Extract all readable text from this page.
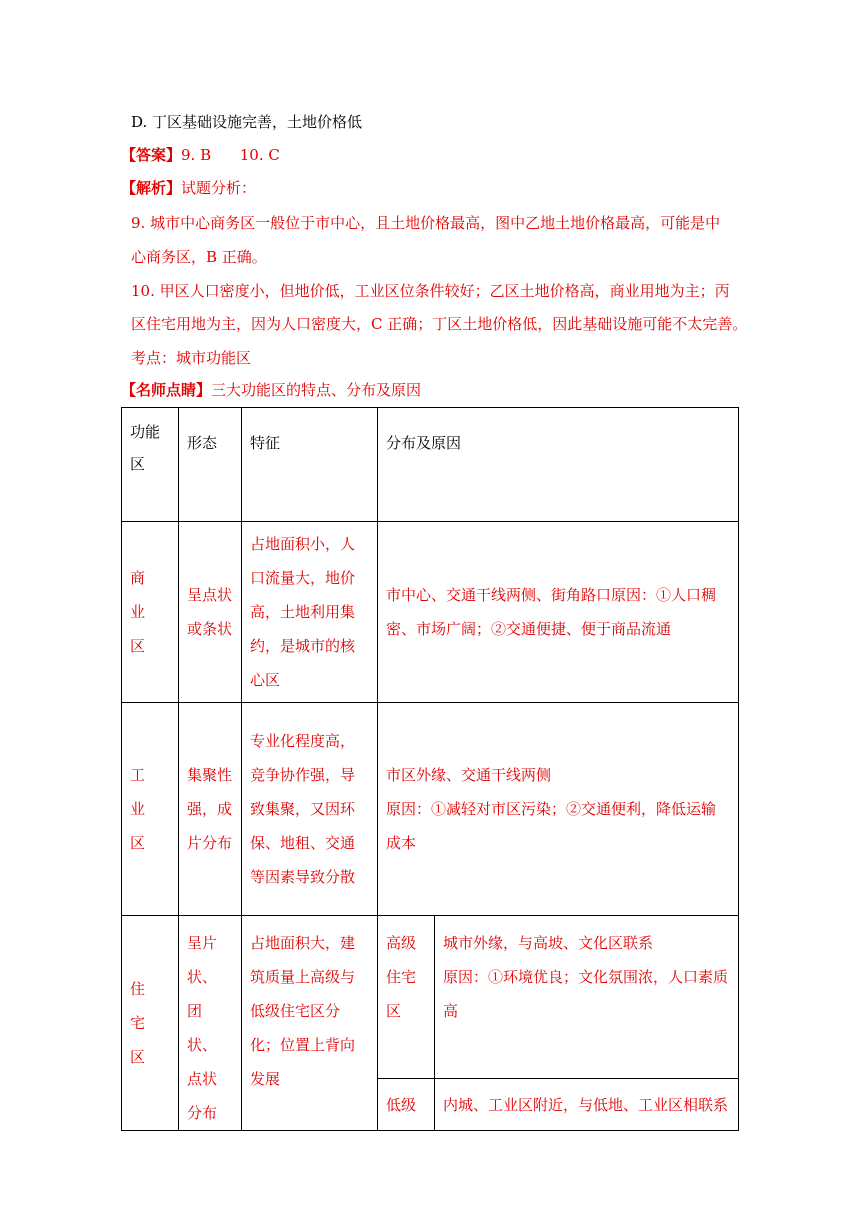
D. 丁区基础设施完善，土地价格低
【答案】9. B      10. C
【解析】试题分析：
9. 城市中心商务区一般位于市中心，且土地价格最高，图中乙地土地价格最高，可能是中
心商务区，B 正确。
10. 甲区人口密度小，但地价低，工业区位条件较好；乙区土地价格高，商业用地为主；丙
区住宅用地为主，因为人口密度大，C 正确；丁区土地价格低，因此基础设施可能不太完善。
考点：城市功能区
【名师点睛】三大功能区的特点、分布及原因
功能区	形态	特征	分布及原因	

商业区	呈点状或条状	占地面积小，人口流量大，地价高，土地利用集约，是城市的核心区	市中心、交通干线两侧、街角路口原因：①人口稠密、市场广阔；②交通便捷、便于商品流通	

工业区	集聚性强，成片分布	专业化程度高，竞争协作强，导致集聚，又因环保、地租、交通等因素导致分散	市区外缘、交通干线两侧
原因：①减轻对市区污染；②交通便利，降低运输成本	

住宅区	呈片状、团状、点状分布	占地面积大，建筑质量上高级与低级住宅区分化；位置上背向发展	高级住宅区	城市外缘，与高坡、文化区联系
原因：①环境优良；文化氛围浓，人口素质高

			低级	内城、工业区附近，与低地、工业区相联系
